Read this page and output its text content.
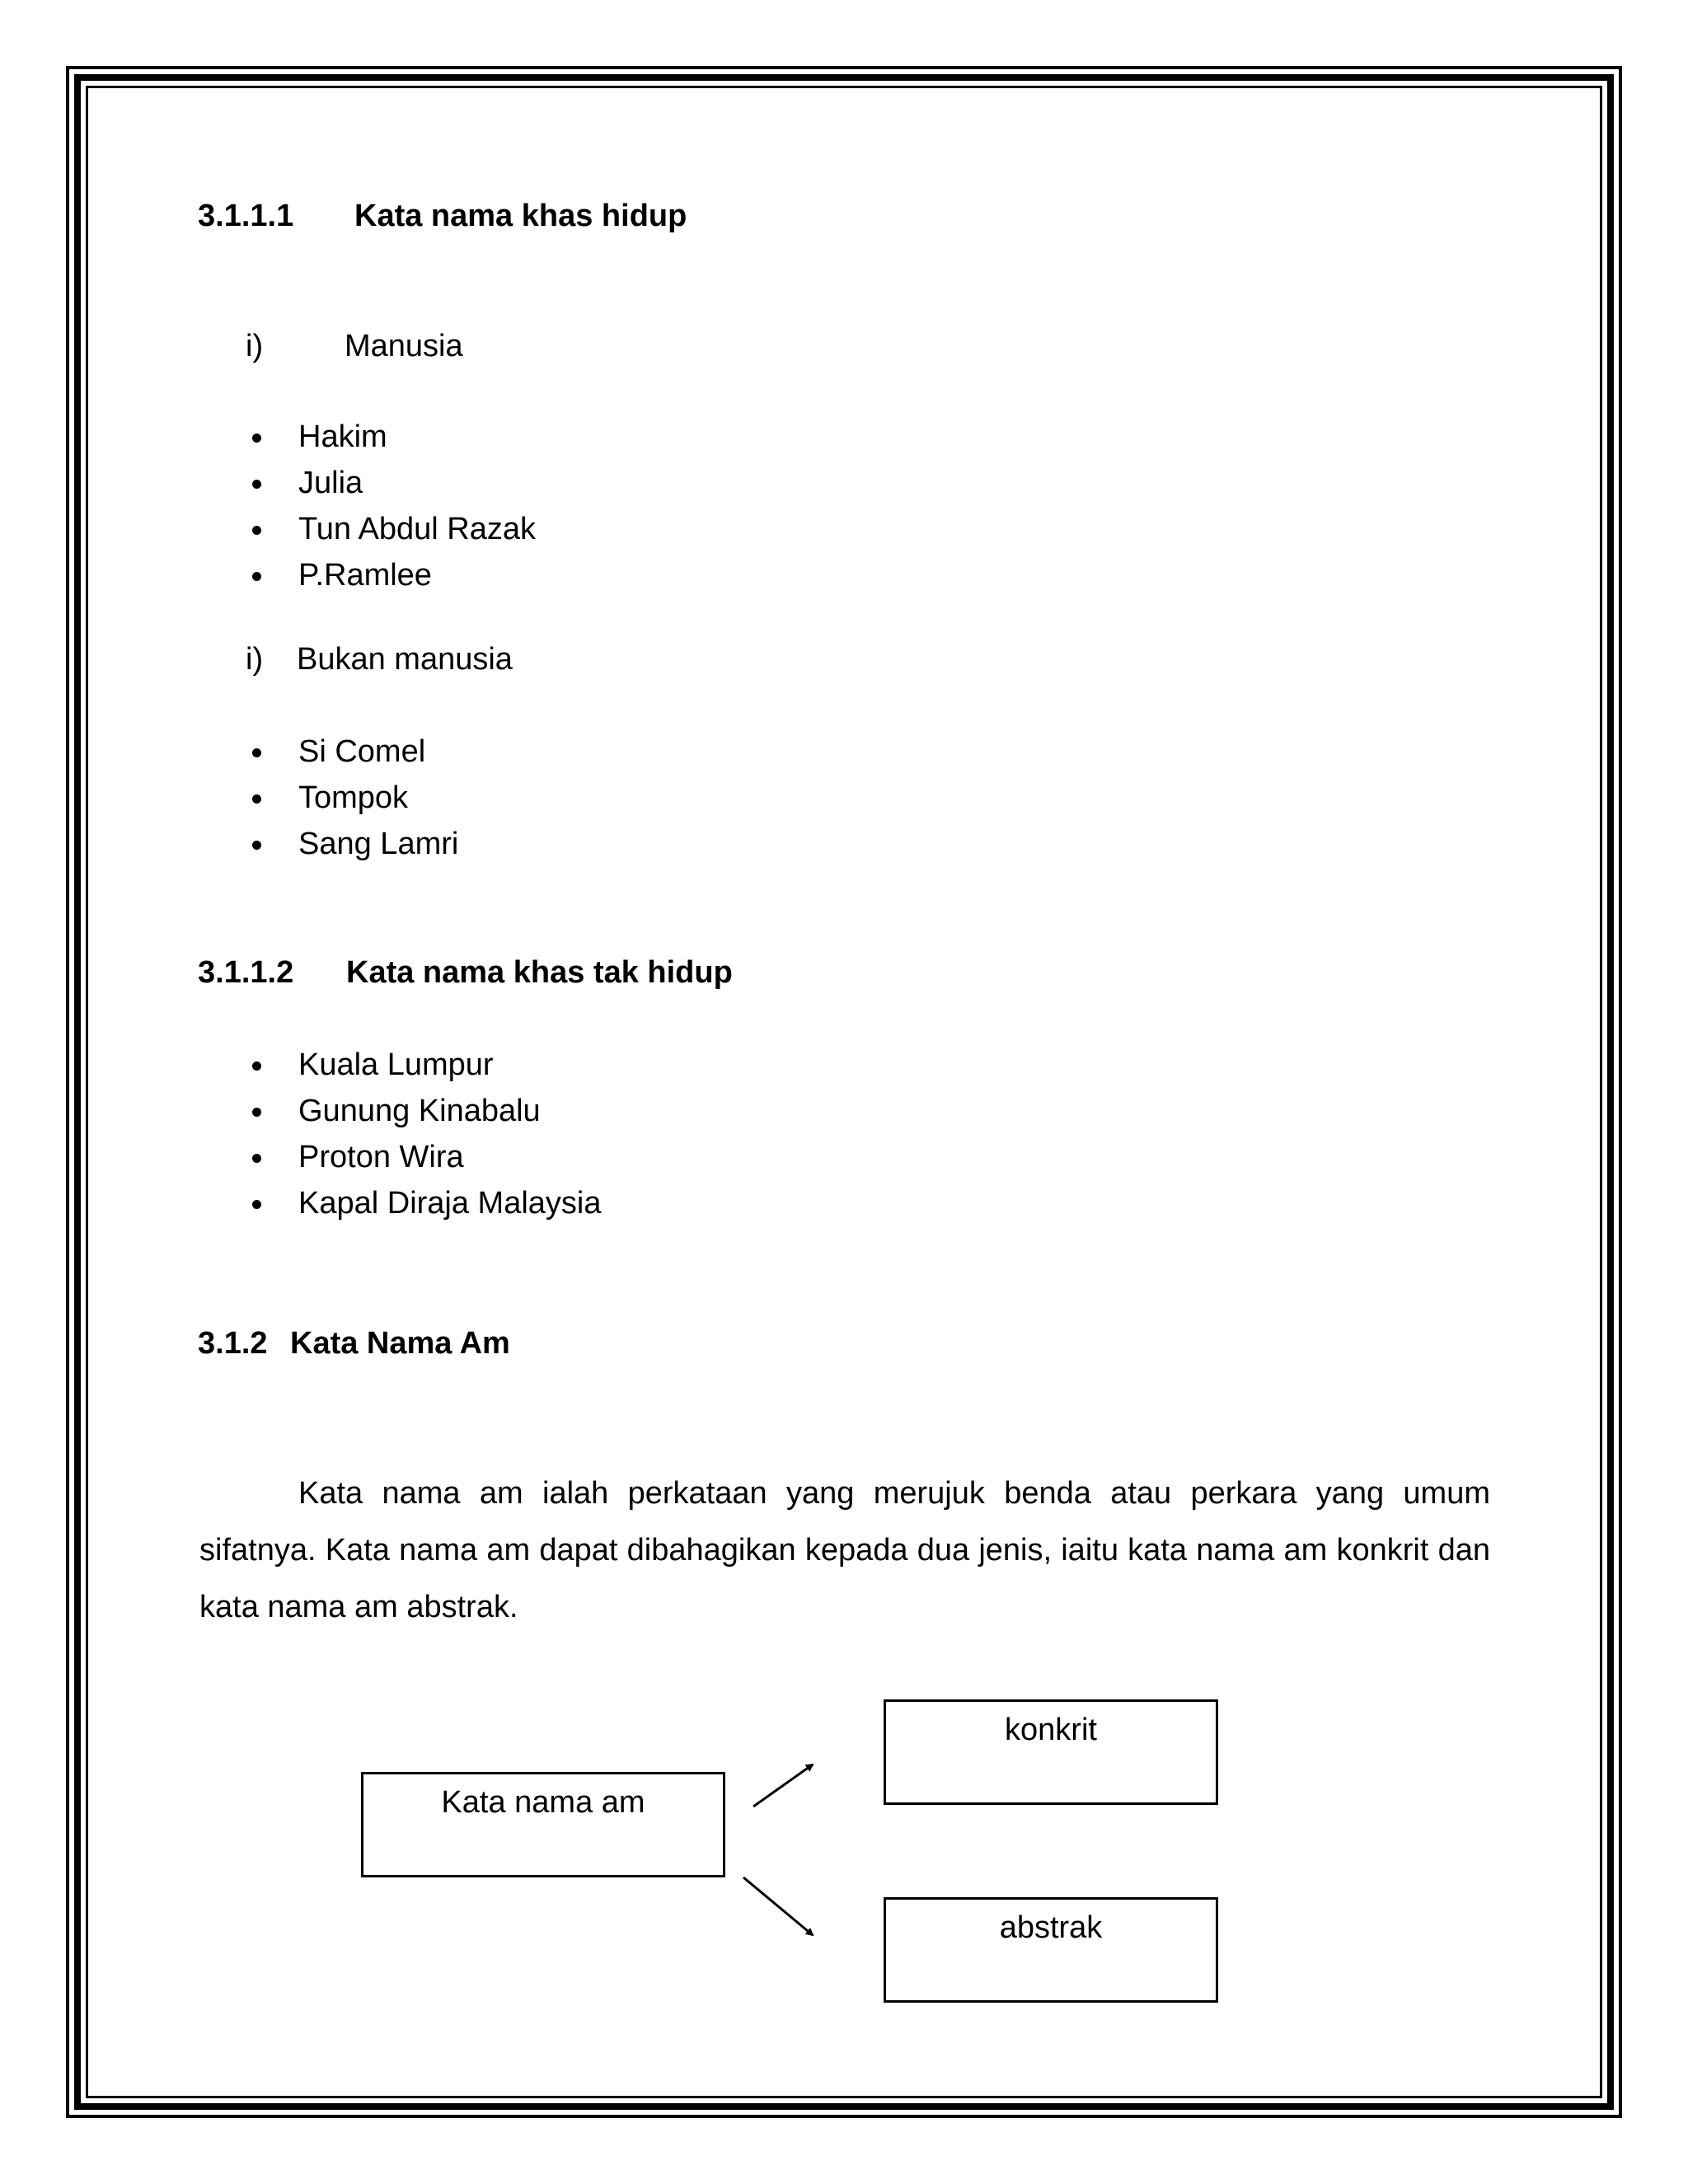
3.1.1.1 Kata nama khas hidup
i)	Manusia
Hakim
Julia
Tun Abdul Razak
P.Ramlee
i) Bukan manusia
Si Comel
Tompok
Sang Lamri
3.1.1.2 Kata nama khas tak hidup
Kuala Lumpur
Gunung Kinabalu
Proton Wira
Kapal Diraja Malaysia
3.1.2 Kata Nama Am

Kata nama am ialah perkataan yang merujuk benda atau perkara yang umum sifatnya. Kata nama am dapat dibahagikan kepada dua jenis, iaitu kata nama am konkrit dan kata nama am abstrak.

Kata nama am
konkrit
abstrak
